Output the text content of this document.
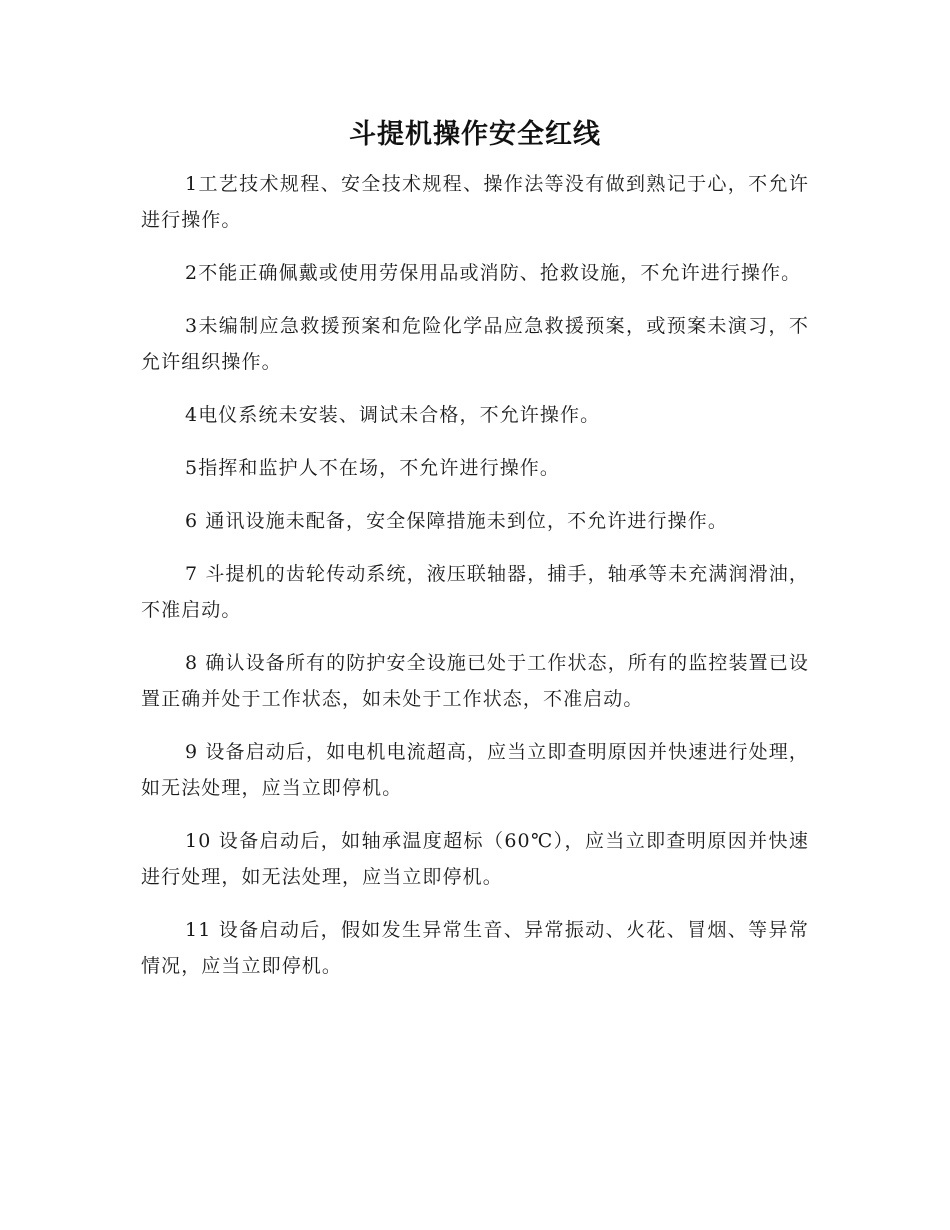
斗提机操作安全红线

1工艺技术规程、安全技术规程、操作法等没有做到熟记于心，不允许进行操作。

2不能正确佩戴或使用劳保用品或消防、抢救设施，不允许进行操作。

3未编制应急救援预案和危险化学品应急救援预案，或预案未演习，不允许组织操作。

4电仪系统未安装、调试未合格，不允许操作。

5指挥和监护人不在场，不允许进行操作。

6 通讯设施未配备，安全保障措施未到位，不允许进行操作。

7 斗提机的齿轮传动系统，液压联轴器，捕手，轴承等未充满润滑油，不准启动。

8 确认设备所有的防护安全设施已处于工作状态，所有的监控装置已设置正确并处于工作状态，如未处于工作状态，不准启动。

9 设备启动后，如电机电流超高，应当立即查明原因并快速进行处理，如无法处理，应当立即停机。

10 设备启动后，如轴承温度超标（60℃），应当立即查明原因并快速进行处理，如无法处理，应当立即停机。

11 设备启动后，假如发生异常生音、异常振动、火花、冒烟、等异常情况，应当立即停机。
